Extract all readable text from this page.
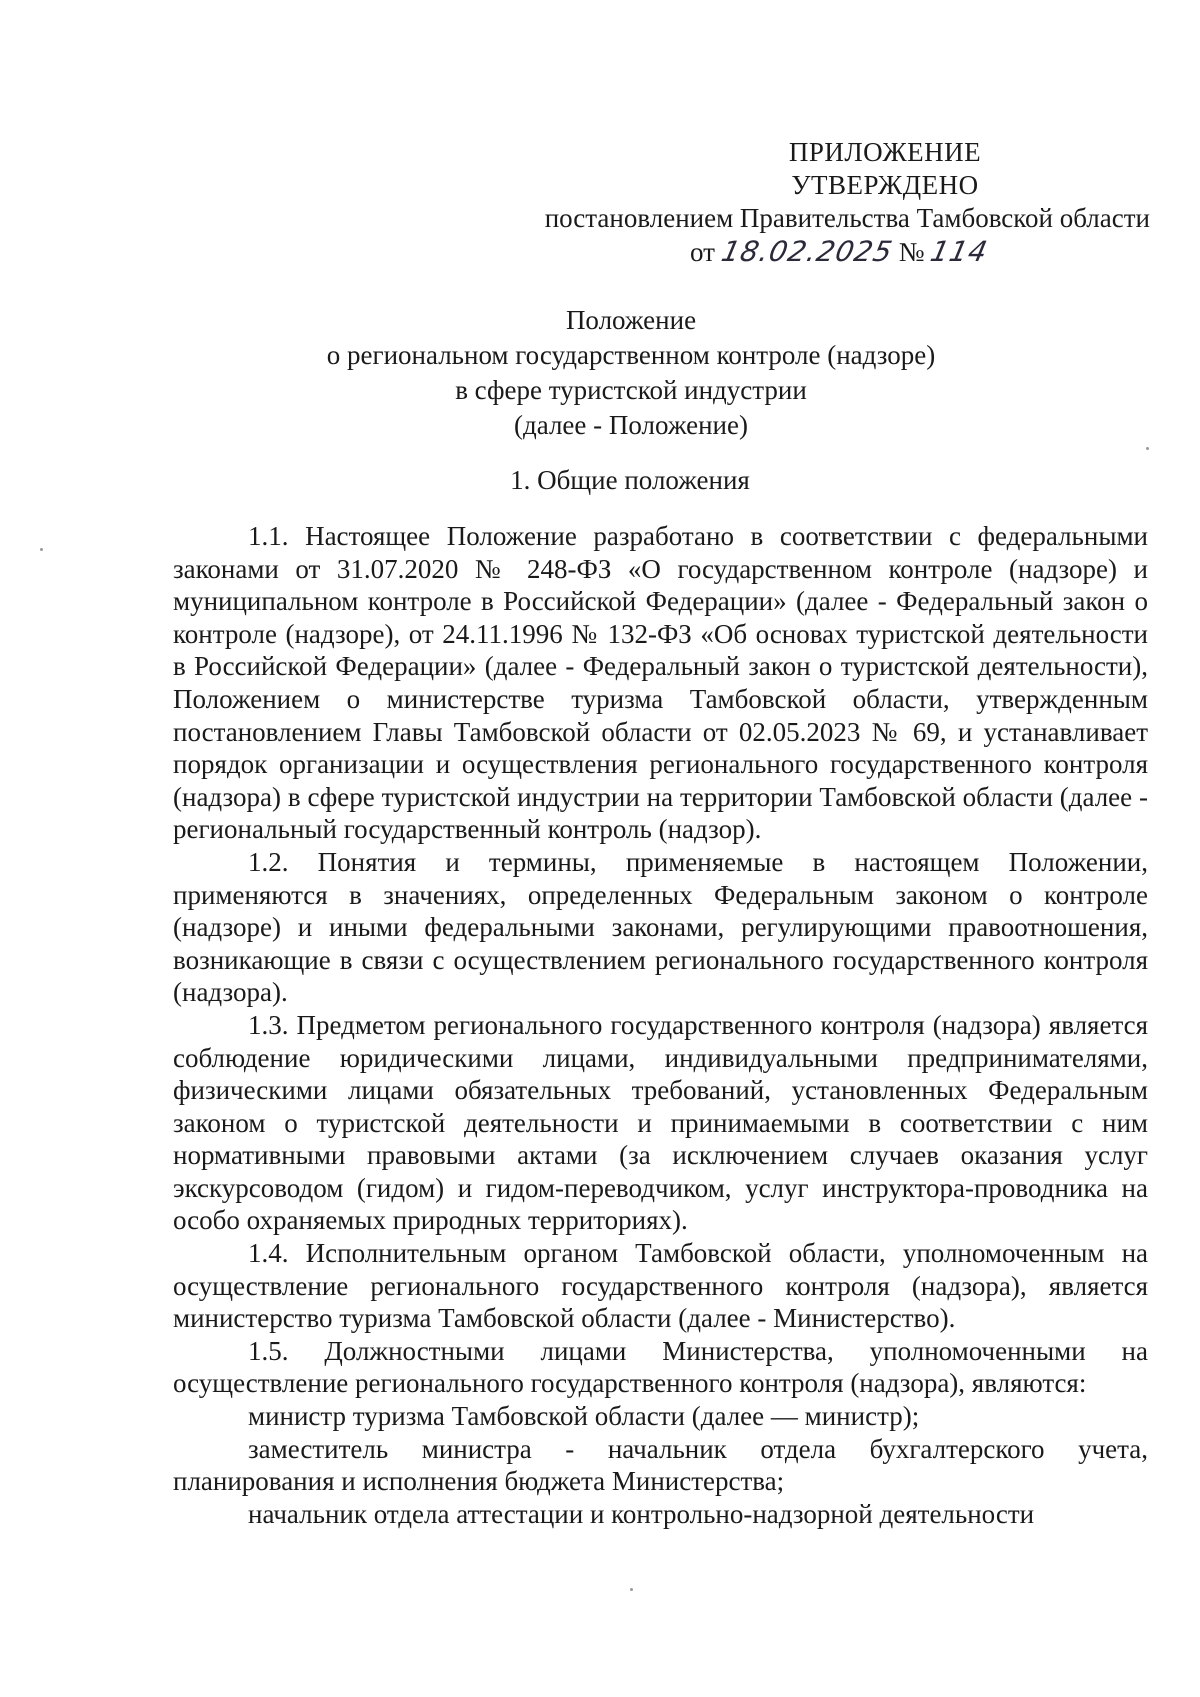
ПРИЛОЖЕНИЕ
УТВЕРЖДЕНО
постановлением Правительства Тамбовской области
от 18.02.2025 № 114
Положение
о региональном государственном контроле (надзоре)
в сфере туристской индустрии
(далее - Положение)
1. Общие положения

1.1. Настоящее Положение разработано в соответствии с федеральными законами от 31.07.2020 № 248-ФЗ «О государственном контроле (надзоре) и муниципальном контроле в Российской Федерации» (далее - Федеральный закон о контроле (надзоре), от 24.11.1996 № 132-ФЗ «Об основах туристской деятельности в Российской Федерации» (далее - Федеральный закон о туристской деятельности), Положением о министерстве туризма Тамбовской области, утвержденным постановлением Главы Тамбовской области от 02.05.2023 № 69, и устанавливает порядок организации и осуществления регионального государственного контроля (надзора) в сфере туристской индустрии на территории Тамбовской области (далее - региональный государственный контроль (надзор).

1.2. Понятия и термины, применяемые в настоящем Положении, применяются в значениях, определенных Федеральным законом о контроле (надзоре) и иными федеральными законами, регулирующими правоотношения, возникающие в связи с осуществлением регионального государственного контроля (надзора).

1.3. Предметом регионального государственного контроля (надзора) является соблюдение юридическими лицами, индивидуальными предпринимателями, физическими лицами обязательных требований, установленных Федеральным законом о туристской деятельности и принимаемыми в соответствии с ним нормативными правовыми актами (за исключением случаев оказания услуг экскурсоводом (гидом) и гидом-переводчиком, услуг инструктора-проводника на особо охраняемых природных территориях).

1.4. Исполнительным органом Тамбовской области, уполномоченным на осуществление регионального государственного контроля (надзора), является министерство туризма Тамбовской области (далее - Министерство).

1.5. Должностными лицами Министерства, уполномоченными на осуществление регионального государственного контроля (надзора), являются:

министр туризма Тамбовской области (далее — министр);

заместитель министра - начальник отдела бухгалтерского учета, планирования и исполнения бюджета Министерства;

начальник отдела аттестации и контрольно-надзорной деятельности
